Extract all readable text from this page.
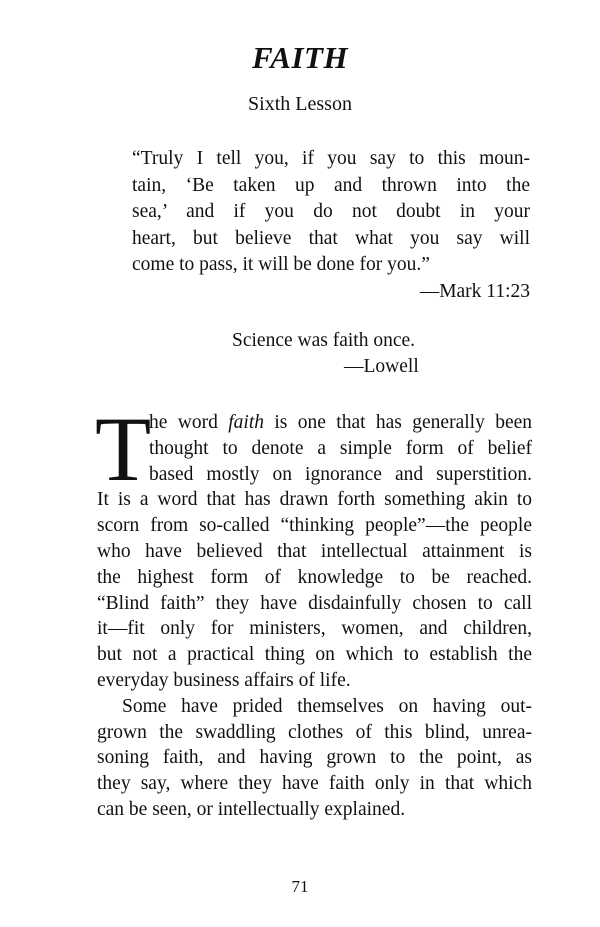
FAITH
Sixth Lesson
“Truly I tell you, if you say to this moun-
tain, ‘Be taken up and thrown into the
sea,’ and if you do not doubt in your
heart, but believe that what you say will
come to pass, it will be done for you.”
—Mark 11:23
Science was faith once.
—Lowell
T
he word faith is one that has generally been
thought to denote a simple form of belief
based mostly on ignorance and superstition.
It is a word that has drawn forth something akin to
scorn from so-called “thinking people”—the people
who have believed that intellectual attainment is
the highest form of knowledge to be reached.
“Blind faith” they have disdainfully chosen to call
it—fit only for ministers, women, and children,
but not a practical thing on which to establish the
everyday business affairs of life.
Some have prided themselves on having out-
grown the swaddling clothes of this blind, unrea-
soning faith, and having grown to the point, as
they say, where they have faith only in that which
can be seen, or intellectually explained.
71
